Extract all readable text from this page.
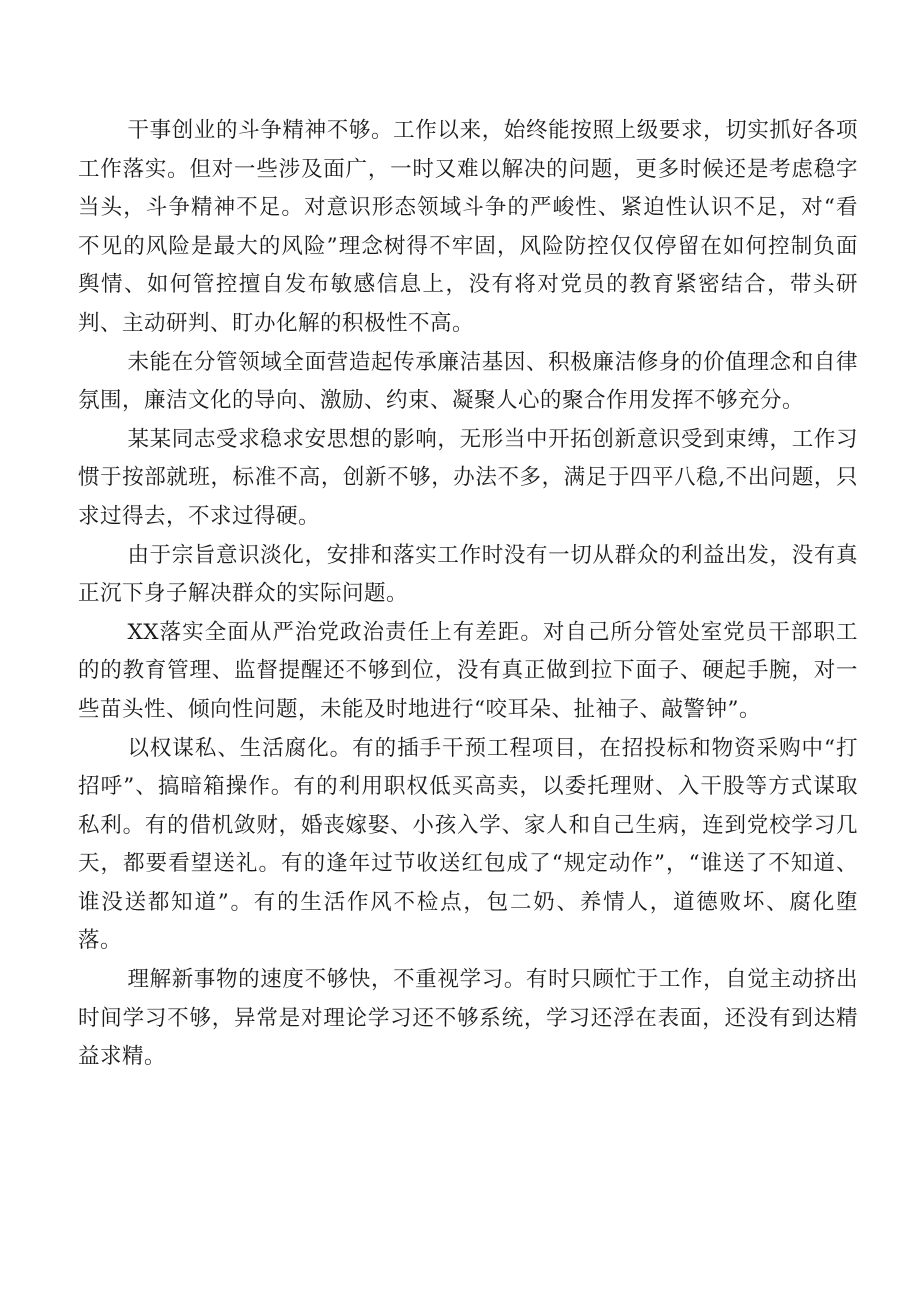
干事创业的斗争精神不够。工作以来，始终能按照上级要求，切实抓好各项工作落实。但对一些涉及面广，一时又难以解决的问题，更多时候还是考虑稳字当头，斗争精神不足。对意识形态领域斗争的严峻性、紧迫性认识不足，对“看不见的风险是最大的风险”理念树得不牢固，风险防控仅仅停留在如何控制负面舆情、如何管控擅自发布敏感信息上，没有将对党员的教育紧密结合，带头研判、主动研判、盯办化解的积极性不高。

未能在分管领域全面营造起传承廉洁基因、积极廉洁修身的价值理念和自律氛围，廉洁文化的导向、激励、约束、凝聚人心的聚合作用发挥不够充分。

某某同志受求稳求安思想的影响，无形当中开拓创新意识受到束缚，工作习惯于按部就班，标准不高，创新不够，办法不多，满足于四平八稳,不出问题，只求过得去，不求过得硬。

由于宗旨意识淡化，安排和落实工作时没有一切从群众的利益出发，没有真正沉下身子解决群众的实际问题。

XX落实全面从严治党政治责任上有差距。对自己所分管处室党员干部职工的的教育管理、监督提醒还不够到位，没有真正做到拉下面子、硬起手腕，对一些苗头性、倾向性问题，未能及时地进行“咬耳朵、扯袖子、敲警钟”。

以权谋私、生活腐化。有的插手干预工程项目，在招投标和物资采购中“打招呼”、搞暗箱操作。有的利用职权低买高卖，以委托理财、入干股等方式谋取私利。有的借机敛财，婚丧嫁娶、小孩入学、家人和自己生病，连到党校学习几天，都要看望送礼。有的逢年过节收送红包成了“规定动作”，“谁送了不知道、谁没送都知道”。有的生活作风不检点，包二奶、养情人，道德败坏、腐化堕落。

理解新事物的速度不够快，不重视学习。有时只顾忙于工作，自觉主动挤出时间学习不够，异常是对理论学习还不够系统，学习还浮在表面，还没有到达精益求精。
